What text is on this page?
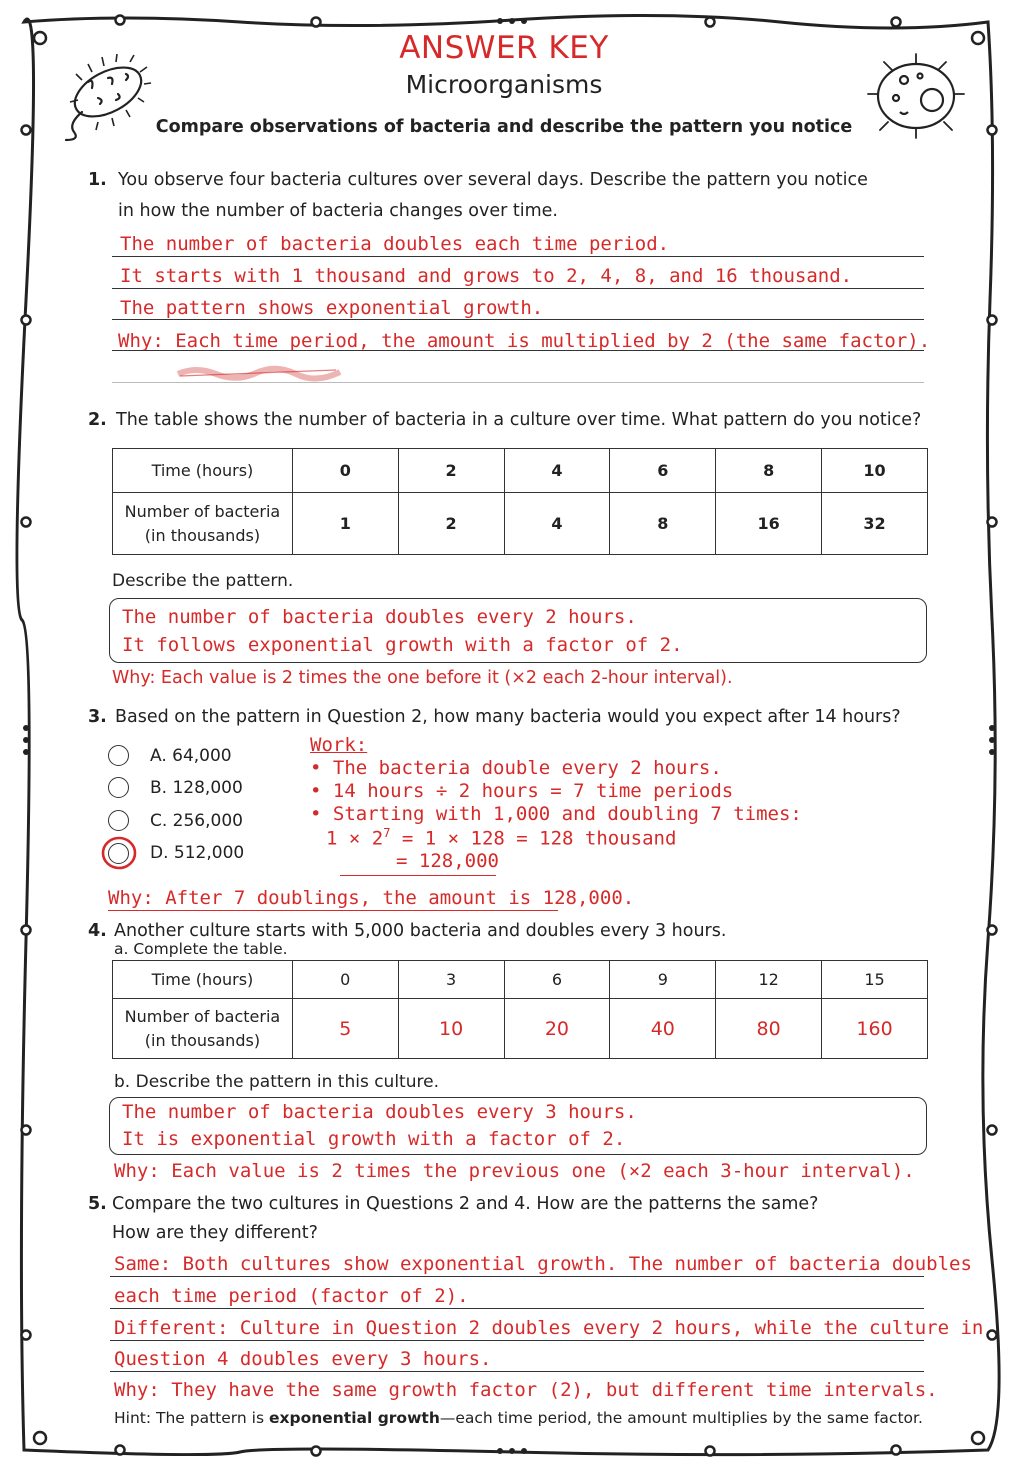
ANSWER KEY
Microorganisms
Compare observations of bacteria and describe the pattern you notice
1. You observe four bacteria cultures over several days. Describe the pattern you notice
in how the number of bacteria changes over time.
The number of bacteria doubles each time period.
It starts with 1 thousand and grows to 2, 4, 8, and 16 thousand.
The pattern shows exponential growth.
Why: Each time period, the amount is multiplied by 2 (the same factor).
2. The table shows the number of bacteria in a culture over time. What pattern do you notice?
Time (hours)	0	2	4	6	8	10
Number of bacteria
(in thousands)	1	2	4	8	16	32
Describe the pattern.
The number of bacteria doubles every 2 hours.
It follows exponential growth with a factor of 2.
Why: Each value is 2 times the one before it (×2 each 2-hour interval).
3. Based on the pattern in Question 2, how many bacteria would you expect after 14 hours?
A. 64,000
B. 128,000
C. 256,000
D. 512,000
Work:
• The bacteria double every 2 hours.
• 14 hours ÷ 2 hours = 7 time periods
• Starting with 1,000 and doubling 7 times:
$1 \times 2^7 = 1 \times 128 = 128$ thousand
= 128,000
Why: After 7 doublings, the amount is 128,000.
4. Another culture starts with 5,000 bacteria and doubles every 3 hours.
a. Complete the table.
Time (hours)	0	3	6	9	12	15
Number of bacteria
(in thousands)	5	10	20	40	80	160
b. Describe the pattern in this culture.
The number of bacteria doubles every 3 hours.
It is exponential growth with a factor of 2.
Why: Each value is 2 times the previous one (×2 each 3-hour interval).
5. Compare the two cultures in Questions 2 and 4. How are the patterns the same?
How are they different?
Same: Both cultures show exponential growth. The number of bacteria doubles
each time period (factor of 2).
Different: Culture in Question 2 doubles every 2 hours, while the culture in
Question 4 doubles every 3 hours.
Why: They have the same growth factor (2), but different time intervals.
Hint: The pattern is exponential growth—each time period, the amount multiplies by the same factor.
